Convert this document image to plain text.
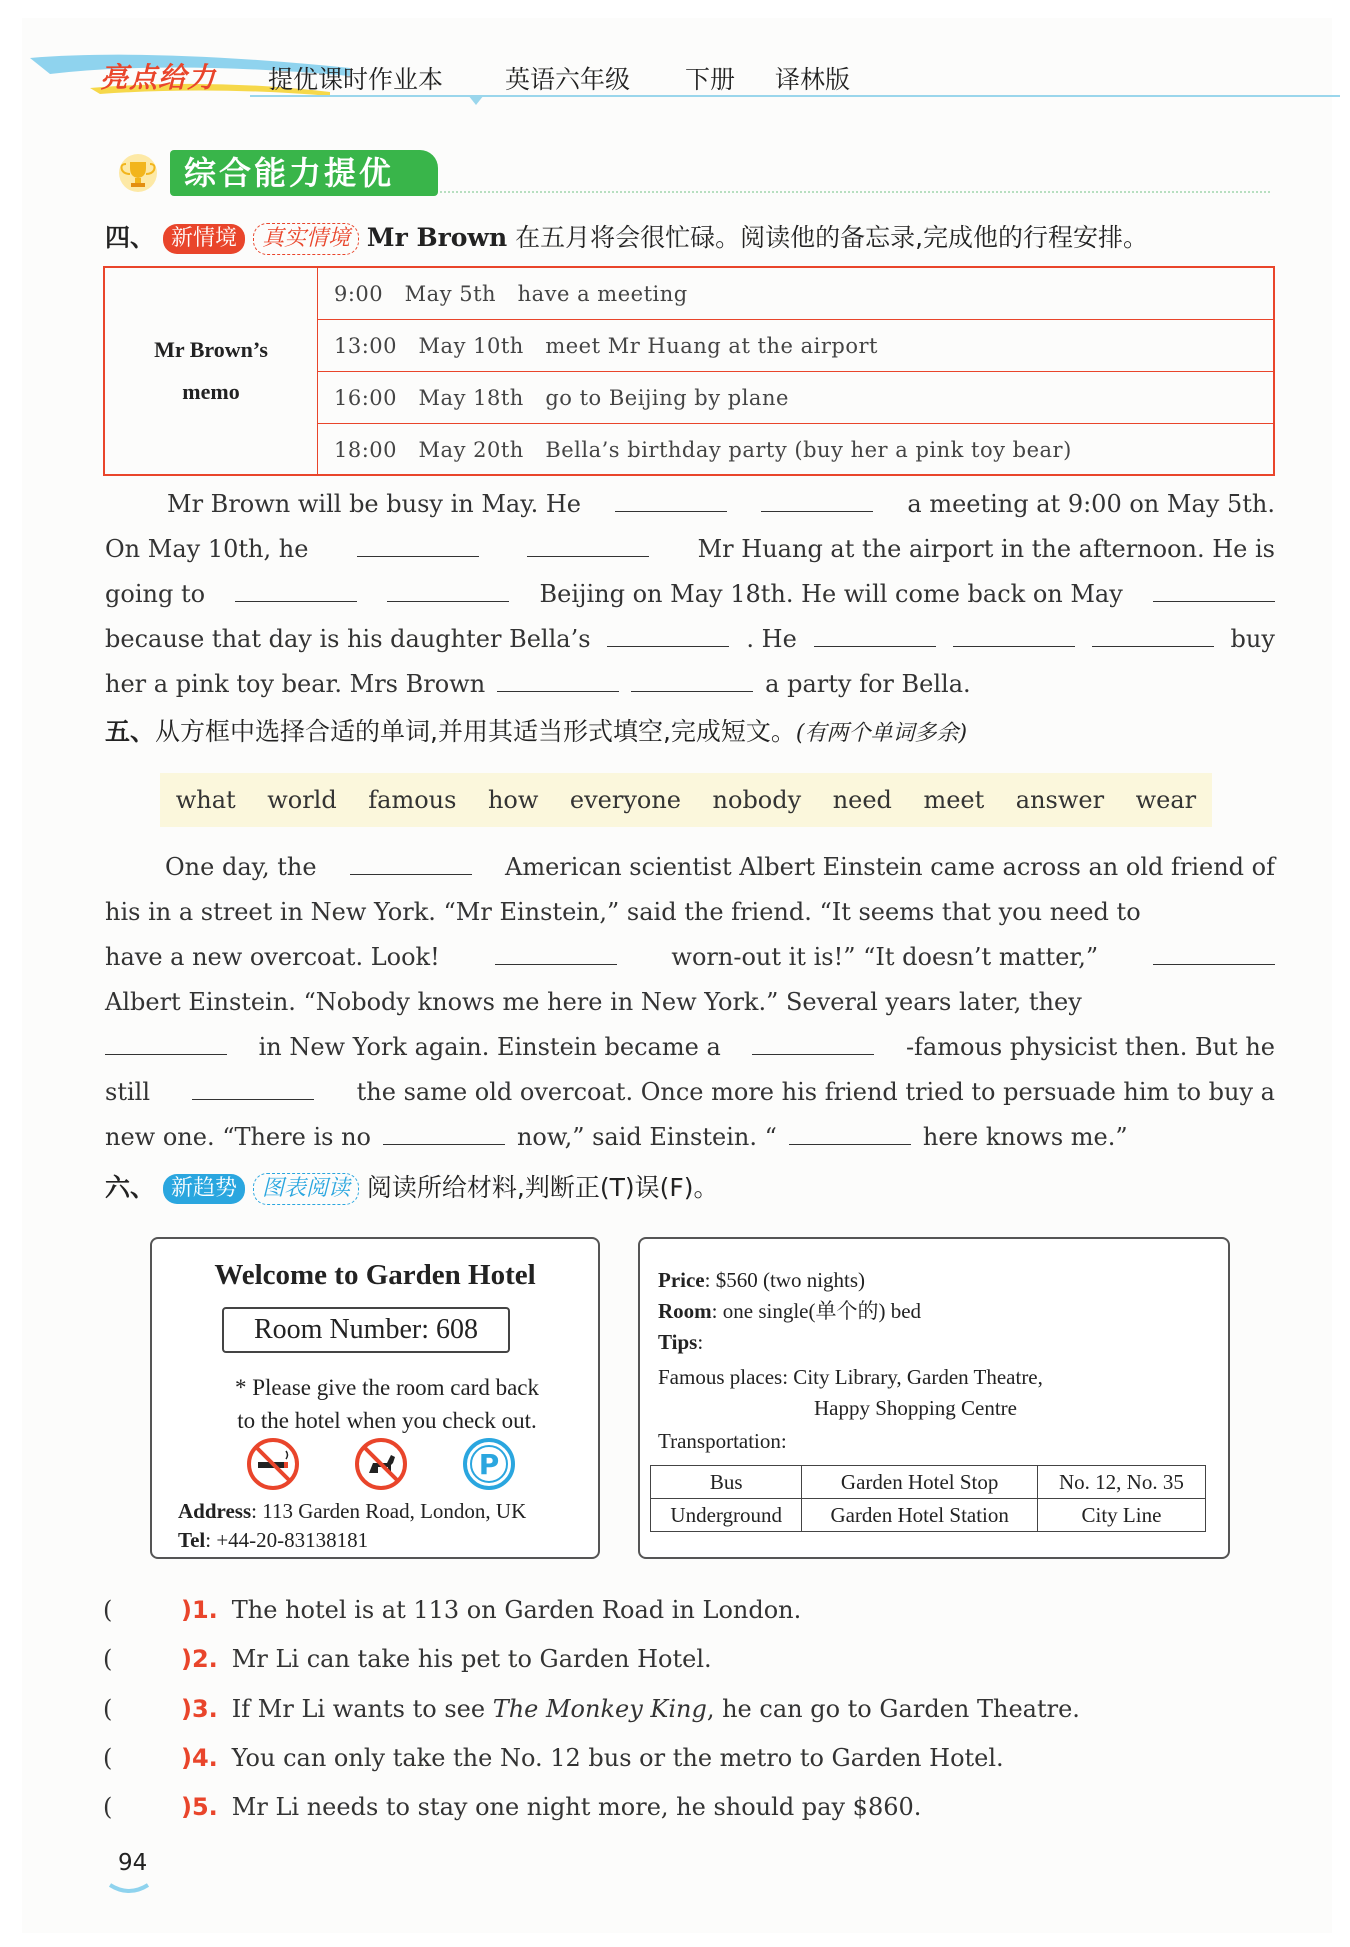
亮点给力 提优课时作业本 英语六年级 下册 译林版
综合能力提优
四、 新情境 真实情境 Mr Brown 在五月将会很忙碌。阅读他的备忘录,完成他的行程安排。
Mr Brown’s
memo
9:00   May 5th   have a meeting
13:00   May 10th   meet Mr Huang at the airport
16:00   May 18th   go to Beijing by plane
18:00   May 20th   Bella’s birthday party (buy her a pink toy bear)
Mr Brown will be busy in May. He	a meeting at 9:00 on May 5th.
On May 10th, he	Mr Huang at the airport in the afternoon. He is
going to	Beijing on May 18th. He will come back on May
because that day is his daughter Bella’s	. He	buy
her a pink toy bear. Mrs Brown	a party for Bella.
五、从方框中选择合适的单词,并用其适当形式填空,完成短文。(有两个单词多余)
what world famous how everyone nobody need meet answer wear
One day, the	American scientist Albert Einstein came across an old friend of
his in a street in New York. “Mr Einstein,” said the friend. “It seems that you need to
have a new overcoat. Look!	worn-out it is!” “It doesn’t matter,”
Albert Einstein. “Nobody knows me here in New York.” Several years later, they
in New York again. Einstein became a	-famous physicist then. But he
still	the same old overcoat. Once more his friend tried to persuade him to buy a
new one. “There is no	now,” said Einstein. “	here knows me.”
六、 新趋势 图表阅读 阅读所给材料,判断正(T)误(F)。
Welcome to Garden Hotel
Room Number: 608
* Please give the room card back
to the hotel when you check out.
P
Address: 113 Garden Road, London, UK
Tel: +44-20-83138181
Price: $560 (two nights)
Room: one single(单个的) bed
Tips:
Famous places: City Library, Garden Theatre,
Happy Shopping Centre
Transportation:
Bus	Garden Hotel Stop	No. 12, No. 35
Underground	Garden Hotel Station	City Line
(	)1. The hotel is at 113 on Garden Road in London.
(	)2. Mr Li can take his pet to Garden Hotel.
(	)3. If Mr Li wants to see The Monkey King, he can go to Garden Theatre.
(	)4. You can only take the No. 12 bus or the metro to Garden Hotel.
(	)5. Mr Li needs to stay one night more, he should pay $860.
94
